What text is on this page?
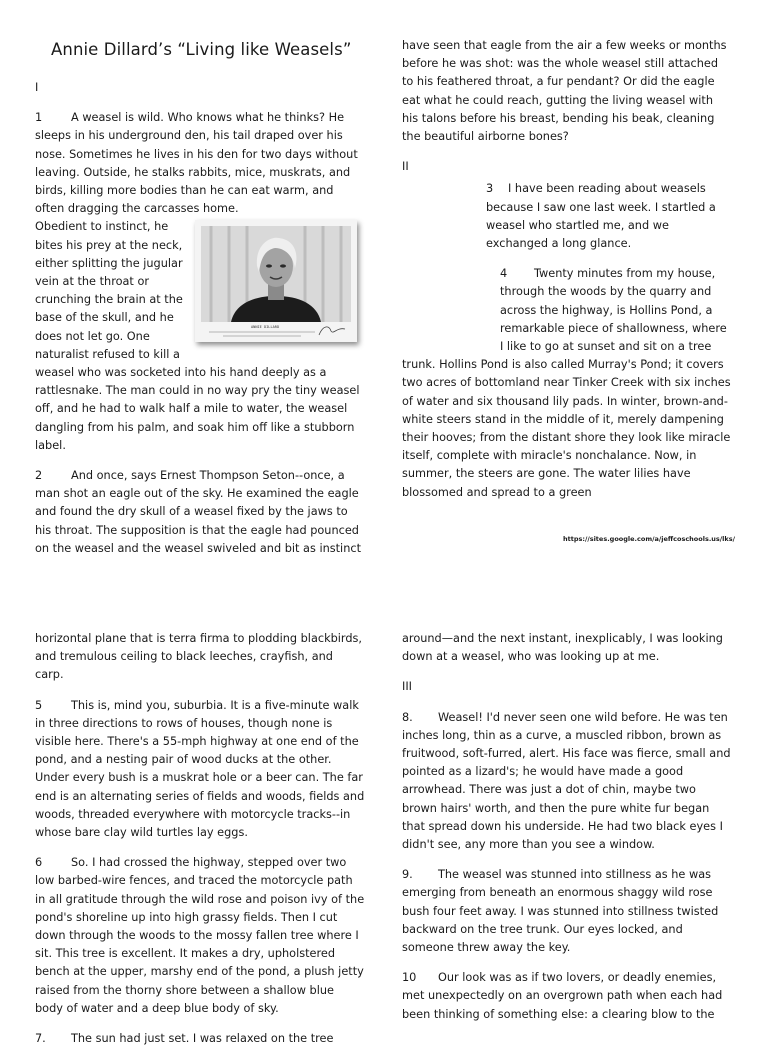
Annie Dillard’s “Living like Weasels”

I

1	A weasel is wild. Who knows what he thinks? He sleeps in his underground den, his tail draped over his nose. Sometimes he lives in his den for two days without leaving. Outside, he stalks rabbits, mice, muskrats, and birds, killing more bodies than he can eat warm, and often dragging the carcasses home.

ANNIE DILLARD
Obedient to instinct, he bites his prey at the neck, either splitting the jugular vein at the throat or crunching the brain at the base of the skull, and he does not let go. One naturalist refused to kill a weasel who was socketed into his hand deeply as a rattlesnake. The man could in no way pry the tiny weasel off, and he had to walk half a mile to water, the weasel dangling from his palm, and soak him off like a stubborn label.

2	And once, says Ernest Thompson Seton--once, a man shot an eagle out of the sky. He examined the eagle and found the dry skull of a weasel fixed by the jaws to his throat. The supposition is that the eagle had pounced on the weasel and the weasel swiveled and bit as instinct

have seen that eagle from the air a few weeks or months before he was shot: was the whole weasel still attached to his feathered throat, a fur pendant? Or did the eagle eat what he could reach, gutting the living weasel with his talons before his breast, bending his beak, cleaning the beautiful airborne bones?

II

3 I have been reading about weasels because I saw one last week. I startled a weasel who startled me, and we exchanged a long glance.

4 Twenty minutes from my house, through the woods by the quarry and across the highway, is Hollins Pond, a remarkable piece of shallowness, where I like to go at sunset and sit on a tree trunk. Hollins Pond is also called Murray's Pond; it covers two acres of bottomland near Tinker Creek with six inches of water and six thousand lily pads. In winter, brown-and-white steers stand in the middle of it, merely dampening their hooves; from the distant shore they look like miracle itself, complete with miracle's nonchalance. Now, in summer, the steers are gone. The water lilies have blossomed and spread to a green

https://sites.google.com/a/jeffcoschools.us/lks/

horizontal plane that is terra firma to plodding blackbirds, and tremulous ceiling to black leeches, crayfish, and carp.

5	This is, mind you, suburbia. It is a five-minute walk in three directions to rows of houses, though none is visible here. There's a 55-mph highway at one end of the pond, and a nesting pair of wood ducks at the other. Under every bush is a muskrat hole or a beer can. The far end is an alternating series of fields and woods, fields and woods, threaded everywhere with motorcycle tracks--in whose bare clay wild turtles lay eggs.

6	So. I had crossed the highway, stepped over two low barbed-wire fences, and traced the motorcycle path in all gratitude through the wild rose and poison ivy of the pond's shoreline up into high grassy fields. Then I cut down through the woods to the mossy fallen tree where I sit. This tree is excellent. It makes a dry, upholstered bench at the upper, marshy end of the pond, a plush jetty raised from the thorny shore between a shallow blue body of water and a deep blue body of sky.

7. The sun had just set. I was relaxed on the tree

around—and the next instant, inexplicably, I was looking down at a weasel, who was looking up at me.

III

8. Weasel! I'd never seen one wild before. He was ten inches long, thin as a curve, a muscled ribbon, brown as fruitwood, soft-furred, alert. His face was fierce, small and pointed as a lizard's; he would have made a good arrowhead. There was just a dot of chin, maybe two brown hairs' worth, and then the pure white fur began that spread down his underside. He had two black eyes I didn't see, any more than you see a window.

9. The weasel was stunned into stillness as he was emerging from beneath an enormous shaggy wild rose bush four feet away. I was stunned into stillness twisted backward on the tree trunk. Our eyes locked, and someone threw away the key.

10 Our look was as if two lovers, or deadly enemies, met unexpectedly on an overgrown path when each had been thinking of something else: a clearing blow to the
